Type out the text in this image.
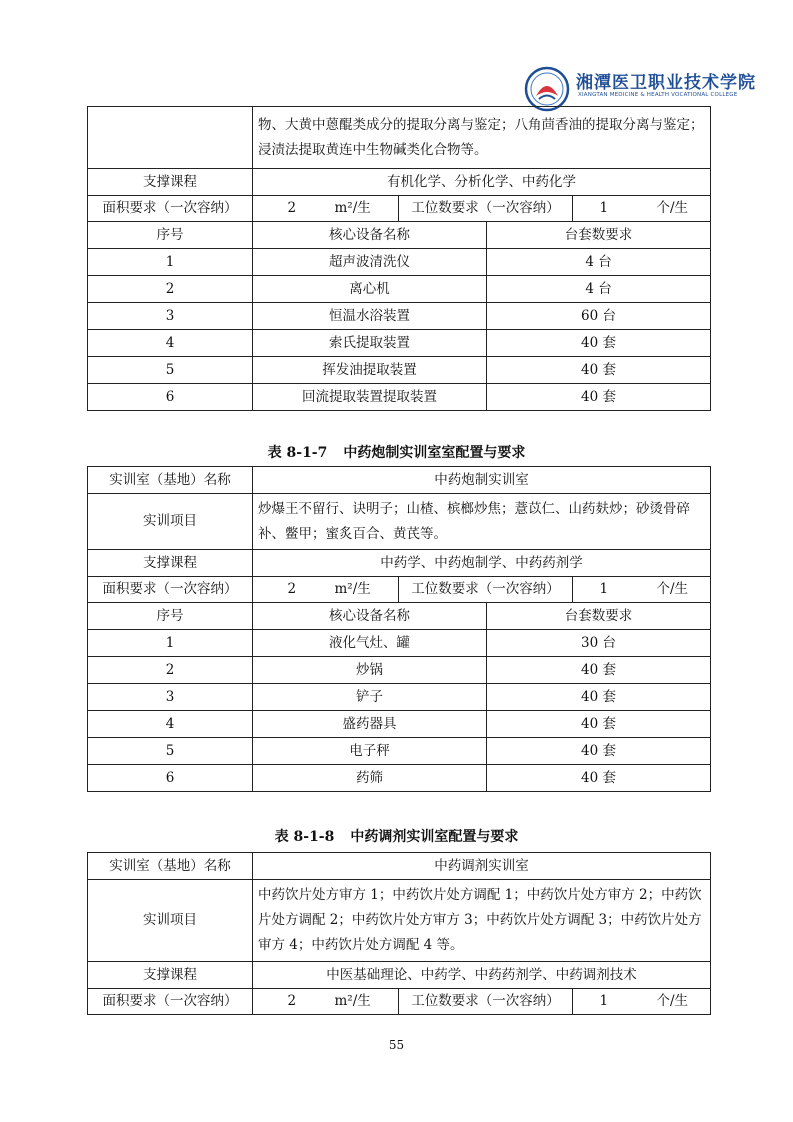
湘潭医卫职业技术学院
XIANGTAN MEDICINE & HEALTH VOCATIONAL COLLEGE
	物、大黄中蒽醌类成分的提取分离与鉴定；八角茴香油的提取分离与鉴定；浸渍法提取黄连中生物碱类化合物等。					
支撑课程	有机化学、分析化学、中药化学					
面积要求（一次容纳）	2	m²/生	工位数要求（一次容纳）		1	个/生
序号	核心设备名称			台套数要求		
1	超声波清洗仪			4 台		
2	离心机			4 台		
3	恒温水浴装置			60 台		
4	索氏提取装置			40 套		
5	挥发油提取装置			40 套		
6	回流提取装置提取装置			40 套		
表 8-1-7 中药炮制实训室室配置与要求
实训室（基地）名称	中药炮制实训室					
实训项目	炒爆王不留行、诀明子；山楂、槟榔炒焦；薏苡仁、山药麸炒；砂烫骨碎补、鳖甲；蜜炙百合、黄芪等。					
支撑课程	中药学、中药炮制学、中药药剂学					
面积要求（一次容纳）	2	m²/生	工位数要求（一次容纳）		1	个/生
序号	核心设备名称			台套数要求		
1	液化气灶、罐			30 台		
2	炒锅			40 套		
3	铲子			40 套		
4	盛药器具			40 套		
5	电子秤			40 套		
6	药筛			40 套		
表 8-1-8 中药调剂实训室配置与要求
实训室（基地）名称	中药调剂实训室				
实训项目	中药饮片处方审方 1；中药饮片处方调配 1；中药饮片处方审方 2；中药饮片处方调配 2；中药饮片处方审方 3；中药饮片处方调配 3；中药饮片处方审方 4；中药饮片处方调配 4 等。				
支撑课程	中医基础理论、中药学、中药药剂学、中药调剂技术				
面积要求（一次容纳）	2	m²/生	工位数要求（一次容纳）	1	个/生
55
